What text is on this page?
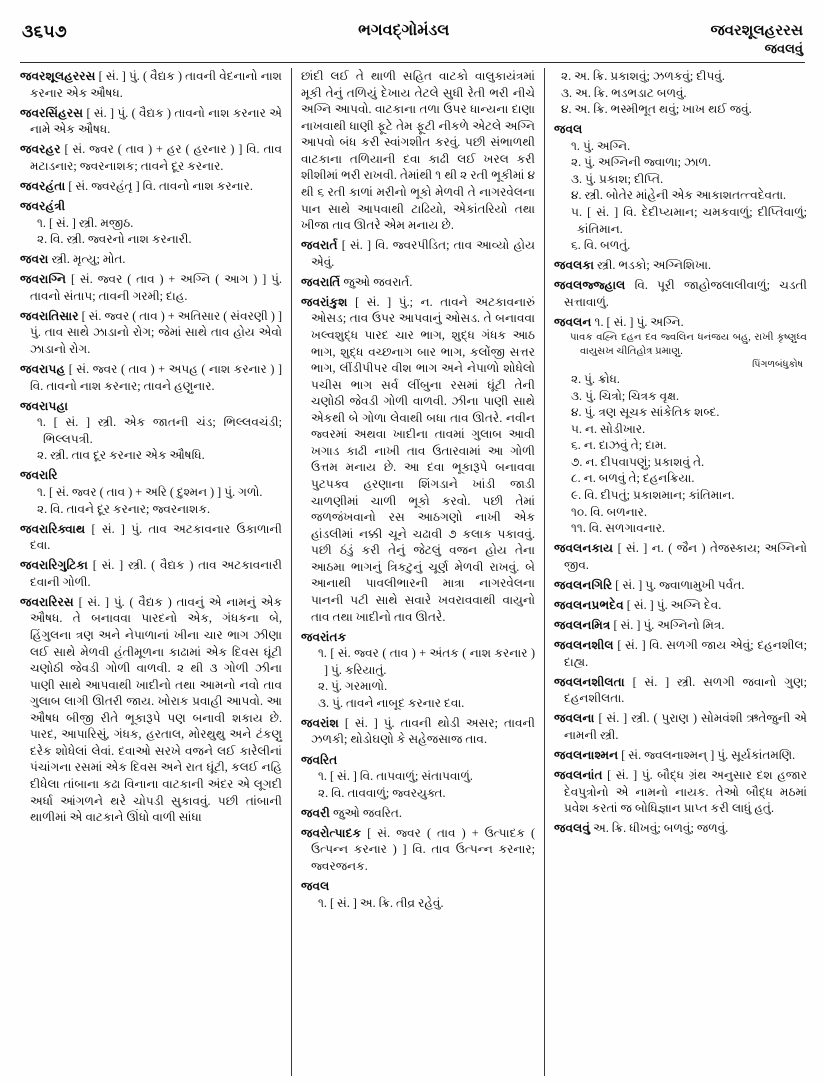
૩૬૫૭	ભગવદ્ગોમંડલ	જવરશૂલહરરસ
જવલવું
જવરશૂલહરરસ [ સં. ] પું. ( વૈદ્યક ) તાવની વેદનાનો નાશ કરનાર એક ઔષધ.
જવરસિંહરસ [ સં. ] પું. ( વૈદ્યક ) તાવનો નાશ કરનાર એ નામે એક ઔષધ.
જવરહર [ સં. જ્વર ( તાવ ) + હર ( હરનાર ) ] વિ. તાવ મટાડનાર; જ્વરનાશક; તાવને દૂર કરનાર.
જવરહંતા [ સં. જ્વરહંતૃ ] વિ. તાવનો નાશ કરનાર.
જવરહંત્રી
૧. [ સં. ] સ્ત્રી. મજીઠ.
૨. વિ. સ્ત્રી. જ્વરનો નાશ કરનારી.
જવરા સ્ત્રી. મૃત્યુ; મોત.
જવરાગ્નિ [ સં. જ્વર ( તાવ ) + અગ્નિ ( આગ ) ] પું. તાવનો સંતાપ; તાવની ગરમી; દાહ.
જવરાતિસાર [ સં. જ્વર ( તાવ ) + અતિસાર ( સંવરણી ) ] પું. તાવ સાથે ઝાડાનો રોગ; જેમાં સાથે તાવ હોય એવો ઝાડાનો રોગ.
જવરાપહ [ સં. જ્વર ( તાવ ) + અપહ ( નાશ કરનાર ) ] વિ. તાવનો નાશ કરનાર; તાવને હણુનાર.
જવરાપહા
૧. [ સં. ] સ્ત્રી. એક જાતની ચંડ; ભિલ્લવચંડી; ભિલ્લપત્રી.
૨. સ્ત્રી. તાવ દૂર કરનાર એક ઔષધિ.
જવરારિ
૧. [ સં. જ્વર ( તાવ ) + અરિ ( દુશ્મન ) ] પું. ગળો.
૨. વિ. તાવને દૂર કરનાર; જ્વરનાશક.
જવરારિક્વાથ [ સં. ] પું. તાવ અટકાવનાર ઉકાળાની દવા.
જવરારિગુટિકા [ સં. ] સ્ત્રી. ( વૈદ્યક ) તાવ અટકાવનારી દવાની ગોળી.
જવરારિરસ [ સં. ] પું. ( વૈદ્યક ) તાવનું એ નામનું એક ઔષધ. તે બનાવવા પારદનો એક, ગંધકના બે, હિંગુલના ત્રણ અને નેપાળાનાં ખીના ચાર ભાગ ઝીણા લઈ સાથે મેળવી હંતીમૂળના કાઢામાં એક દિવસ ઘૂંટી ચણોઠી જેવડી ગોળી વાળવી. ૨ થી ૩ ગોળી ઝીના પાણી સાથે આપવાથી ખાદીનો તથા આમનો નવો તાવ ગુલાબ લાગી ઊતરી જાય. ખોરાક પ્રવાહી આપવો. આ ઔષધ બીજી રીતે ભૂકારૂપે પણ બનાવી શકાય છે. પારદ, આપારિસું, ગંધક, હરતાલ, મોરથુથુ અને ટંકણુ દરેક શોધેલાં લેવાં. દવાઓ સરખે વજને લઈ કારેલીનાં પંચાંગના રસમાં એક દિવસ અને રાત ઘૂંટી, કલઈ નહિ દીધેલા તાંબાના કઢા વિનાના વાટકાની અંદર એ લૂગદી અર્ધા આંગળને થરે ચોપડી સુકાવવું. પછી તાંબાની થાળીમાં એ વાટકાને ઊંધો વાળી સાંધા
છાંદી લઈ તે થાળી સહિત વાટકો વાલુકાયંત્રમાં મૂકી તેનું તળિયું દેખાય તેટલે સુધી રેતી ભરી નીચે અગ્નિ આપવો. વાટકાના તળા ઉપર ધાન્યના દાણા નાખવાથી ધાણી ફૂટે તેમ ફૂટી નીકળે એટલે અગ્નિ આપવો બંધ કરી સ્વાંગશીત કરવું. પછી સંભાળથી વાટકાના તળિયાની દવા કાઢી લઈ ખરલ કરી શીશીમાં ભરી રાખવી. તેમાંથી ૧ થી ૨ રતી ભૂકીમાં ૪ થી ૬ રતી કાળાં મરીનો ભૂકો મેળવી તે નાગરવેલના પાન સાથે આપવાથી ટાઢિયો, એકાંતરિયો તથા ખીજા તાવ ઊતરે એમ મનાય છે.
જવરાર્ત [ સં. ] વિ. જ્વરપીડિત; તાવ આવ્યો હોય એવું.
જવરાર્તિ જુઓ જવરાર્ત.
જવરાંકુશ [ સં. ] પું.; ન. તાવને અટકાવનારું ઓસડ; તાવ ઉપર આપવાનું ઓસડ. તે બનાવવા ખલ્વશુદ્ધ પારદ ચાર ભાગ, શુદ્ધ ગંધક આઠ ભાગ, શુદ્ધ વચ્છનાગ બાર ભાગ, કલોંજી સત્તર ભાગ, લીંડીપીપર વીશ ભાગ અને નેપાળો શોધેલો પચીસ ભાગ સર્વ લીંબુના રસમાં ઘૂંટી તેની ચણોઠી જેવડી ગોળી વાળવી. ઝીના પાણી સાથે એકથી બે ગોળા લેવાથી બધા તાવ ઊતરે. નવીન જ્વરમાં અથવા ખાદીના તાવમાં ગુલાબ આવી ખગાડ કાઢી નાખી તાવ ઉતારવામાં આ ગોળી ઉત્તમ મનાય છે. આ દવા ભૂકારૂપે બનાવવા પુટપક્વ હરણાના શિંગડાને ખાંડી જાડી ચાળણીમાં ચાળી ભૂકો કરવો. પછી તેમાં જળજંખવાનો રસ આઠગણો નાખી એક હાંડલીમાં નક્કી ચૂને ચઢાવી ૭ કલાક પકાવવું. પછી ઠંડું કરી તેનું જેટલું વજન હોય તેના આઠમા ભાગનું ત્રિકટુનું ચૂર્ણ મેળવી રાખવું. બે આનાથી પાવલીભારની માત્રા નાગરવેલના પાનની પટી સાથે સવારે ખવરાવવાથી વાયુનો તાવ તથા ખાદીનો તાવ ઊતરે.
જવરાંતક
૧. [ સં. જ્વર ( તાવ ) + અંતક ( નાશ કરનાર ) ] પું. કરિયાતું.
૨. પું. ગરમાળો.
૩. પું. તાવને નાબૂદ કરનાર દવા.
જવરાંશ [ સં. ] પું. તાવની થોડી અસર; તાવની ઝળકી; થોડોઘણો કે સહેજસાજ તાવ.
જવરિત
૧. [ સં. ] વિ. તાપવાળું; સંતાપવાળું.
૨. વિ. તાવવાળું; જ્વરયુક્ત.
જવરી જુઓ જવરિત.
જવરોત્પાદક [ સં. જ્વર ( તાવ ) + ઉત્પાદક ( ઉત્પન્ન કરનાર ) ] વિ. તાવ ઉત્પન્ન કરનાર; જ્વરજનક.
જવલ
૧. [ સં. ] અ. ક્રિ. તીવ્ર રહેવું.
૨. અ. ક્રિ. પ્રકાશવું; ઝળકવું; દીપવું.
૩. અ. ક્રિ. ભડભડાટ બળવું.
૪. અ. ક્રિ. ભસ્મીભૂત થવું; ખાખ થઈ જવું.
જવલ
૧. પું. અગ્નિ.
૨. પું. અગ્નિની જ્વાળા; ઝાળ.
૩. પું. પ્રકાશ; દીપ્તિ.
૪. સ્ત્રી. બોતેર માંહેની એક આકાશતત્ત્વદેવતા.
૫. [ સં. ] વિ. દેદીપ્યમાન; ચમકવાળું; દીપ્તિવાળું; કાંતિમાન.
૬. વિ. બળતું.
જવલકા સ્ત્રી. ભડકો; અગ્નિશિખા.
જવલજ્જ્હાલ વિ. પૂરી જાહોજલાલીવાળું; ચડતી સત્તાવાળું.
જવલન ૧. [ સં. ] પું. અગ્નિ.
પાવક વહ્નિ દહન દવ જ્વલિન ધનંજય બહુ, રાખી કૃષ્ણુધ્વ વાયુસખ ચીતિહોત્ર પ્રમાણુ.
પિંગળબંધુકોષ
૨. પું. ક્રોધ.
૩. પું. ચિત્રો; ચિત્રક વૃક્ષ.
૪. પું. ત્રણ સૂચક સાંકેતિક શબ્દ.
૫. ન. સોડીખાર.
૬. ન. દાઝવું તે; દામ.
૭. ન. દીપવાપણું; પ્રકાશવું તે.
૮. ન. બળવું તે; દહનક્રિયા.
૯. વિ. દીપતું; પ્રકાશમાન; કાંતિમાન.
૧૦. વિ. બળનાર.
૧૧. વિ. સળગાવનાર.
જવલનકાય [ સં. ] ન. ( જૈન ) તેજસ્કાય; અગ્નિનો જીવ.
જવલનગિરિ [ સં. ] પુ. જ્વાળામુખી પર્વત.
જવલનપ્રભદેવ [ સં. ] પું. અગ્નિ દેવ.
જવલનમિત્ર [ સં. ] પું. અગ્નિનો મિત્ર.
જવલનશીલ [ સં. ] વિ. સળગી જાય એવું; દહનશીલ; દાહ્ય.
જવલનશીલતા [ સં. ] સ્ત્રી. સળગી જવાનો ગુણ; દહનશીલતા.
જવલના [ સં. ] સ્ત્રી. ( પુરાણ ) સોમવંશી ઋતેજુની એ નામની સ્ત્રી.
જવલનાશ્મન [ સં. જ્વલનાશ્મન્ ] પું. સૂર્યકાંતમણિ.
જવલનાંત [ સં. ] પું. બૌદ્ધ ગ્રંથ અનુસાર દશ હજાર દેવપુત્રોનો એ નામનો નાયક. તેઓ બૌદ્ધ મઠમાં પ્રવેશ કરતાં જ બોધિજ્ઞાન પ્રાપ્ત કરી લાધું હતું.
જવલવું અ. ક્રિ. ધીખવું; બળવું; જળવું.
